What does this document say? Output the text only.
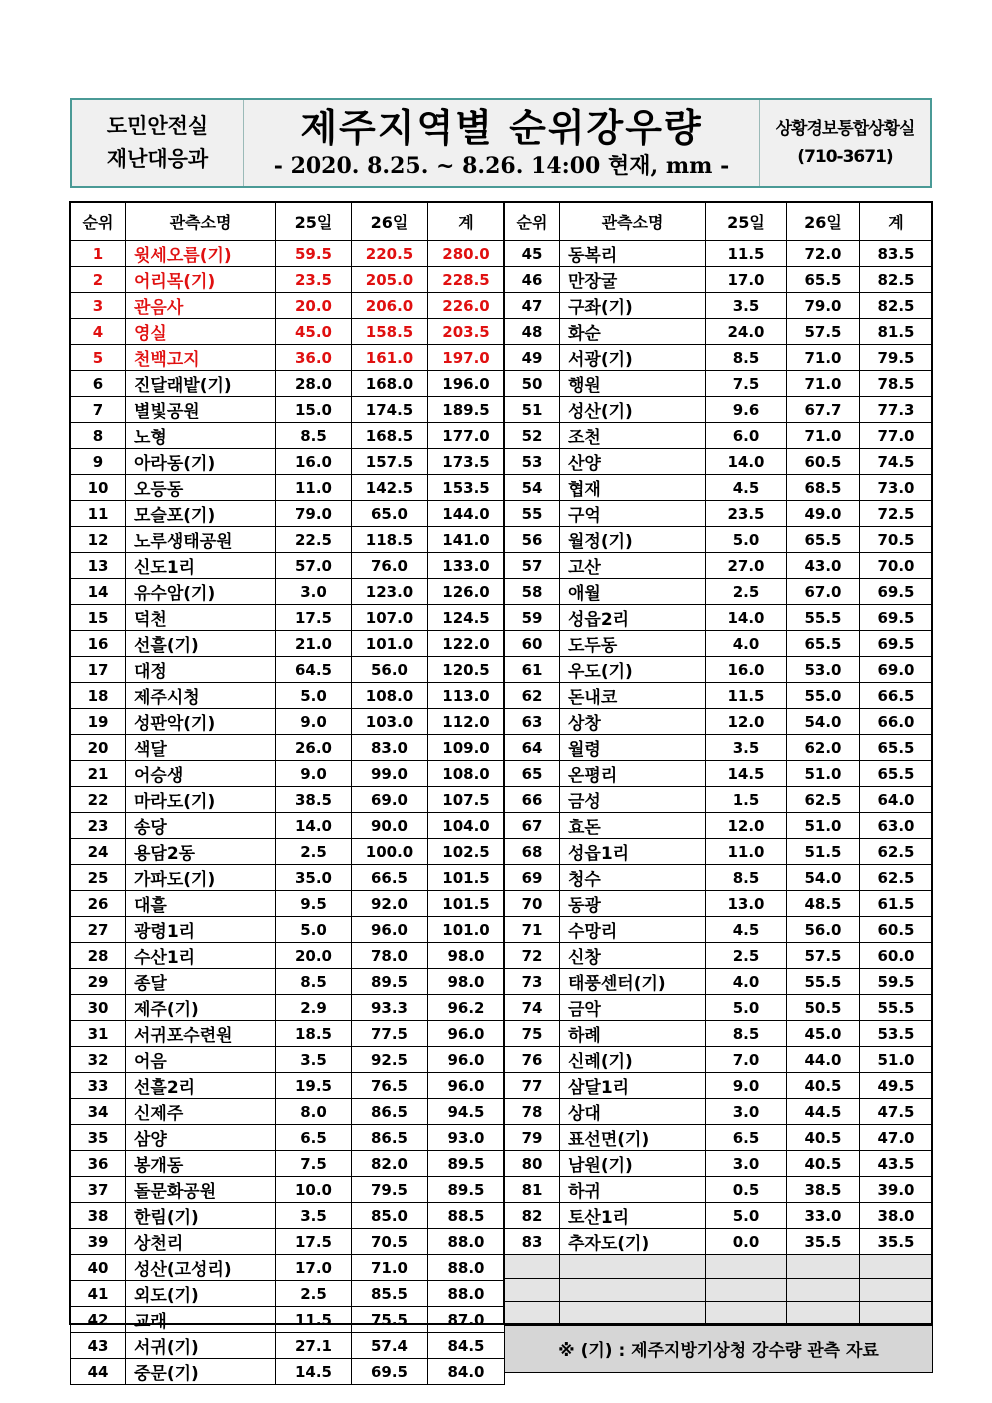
도민안전실
재난대응과
제주지역별 순위강우량
- 2020. 8.25. ~ 8.26. 14:00 현재, mm -
상황경보통합상황실
(710-3671)
순위	관측소명	25일	26일	계
1	윗세오름(기)	59.5	220.5	280.0
2	어리목(기)	23.5	205.0	228.5
3	관음사	20.0	206.0	226.0
4	영실	45.0	158.5	203.5
5	천백고지	36.0	161.0	197.0
6	진달래밭(기)	28.0	168.0	196.0
7	별빛공원	15.0	174.5	189.5
8	노형	8.5	168.5	177.0
9	아라동(기)	16.0	157.5	173.5
10	오등동	11.0	142.5	153.5
11	모슬포(기)	79.0	65.0	144.0
12	노루생태공원	22.5	118.5	141.0
13	신도1리	57.0	76.0	133.0
14	유수암(기)	3.0	123.0	126.0
15	덕천	17.5	107.0	124.5
16	선흘(기)	21.0	101.0	122.0
17	대정	64.5	56.0	120.5
18	제주시청	5.0	108.0	113.0
19	성판악(기)	9.0	103.0	112.0
20	색달	26.0	83.0	109.0
21	어승생	9.0	99.0	108.0
22	마라도(기)	38.5	69.0	107.5
23	송당	14.0	90.0	104.0
24	용담2동	2.5	100.0	102.5
25	가파도(기)	35.0	66.5	101.5
26	대흘	9.5	92.0	101.5
27	광령1리	5.0	96.0	101.0
28	수산1리	20.0	78.0	98.0
29	종달	8.5	89.5	98.0
30	제주(기)	2.9	93.3	96.2
31	서귀포수련원	18.5	77.5	96.0
32	어음	3.5	92.5	96.0
33	선흘2리	19.5	76.5	96.0
34	신제주	8.0	86.5	94.5
35	삼양	6.5	86.5	93.0
36	봉개동	7.5	82.0	89.5
37	돌문화공원	10.0	79.5	89.5
38	한림(기)	3.5	85.0	88.5
39	상천리	17.5	70.5	88.0
40	성산(고성리)	17.0	71.0	88.0
41	외도(기)	2.5	85.5	88.0
42	교래	11.5	75.5	87.0
43	서귀(기)	27.1	57.4	84.5
44	중문(기)	14.5	69.5	84.0
순위	관측소명	25일	26일	계
45	동복리	11.5	72.0	83.5
46	만장굴	17.0	65.5	82.5
47	구좌(기)	3.5	79.0	82.5
48	화순	24.0	57.5	81.5
49	서광(기)	8.5	71.0	79.5
50	행원	7.5	71.0	78.5
51	성산(기)	9.6	67.7	77.3
52	조천	6.0	71.0	77.0
53	산양	14.0	60.5	74.5
54	협재	4.5	68.5	73.0
55	구억	23.5	49.0	72.5
56	월정(기)	5.0	65.5	70.5
57	고산	27.0	43.0	70.0
58	애월	2.5	67.0	69.5
59	성읍2리	14.0	55.5	69.5
60	도두동	4.0	65.5	69.5
61	우도(기)	16.0	53.0	69.0
62	돈내코	11.5	55.0	66.5
63	상창	12.0	54.0	66.0
64	월령	3.5	62.0	65.5
65	온평리	14.5	51.0	65.5
66	금성	1.5	62.5	64.0
67	효돈	12.0	51.0	63.0
68	성읍1리	11.0	51.5	62.5
69	청수	8.5	54.0	62.5
70	동광	13.0	48.5	61.5
71	수망리	4.5	56.0	60.5
72	신창	2.5	57.5	60.0
73	태풍센터(기)	4.0	55.5	59.5
74	금악	5.0	50.5	55.5
75	하례	8.5	45.0	53.5
76	신례(기)	7.0	44.0	51.0
77	삼달1리	9.0	40.5	49.5
78	상대	3.0	44.5	47.5
79	표선면(기)	6.5	40.5	47.0
80	남원(기)	3.0	40.5	43.5
81	하귀	0.5	38.5	39.0
82	토산1리	5.0	33.0	38.0
83	추자도(기)	0.0	35.5	35.5

※ (기) : 제주지방기상청 강수량 관측 자료				
